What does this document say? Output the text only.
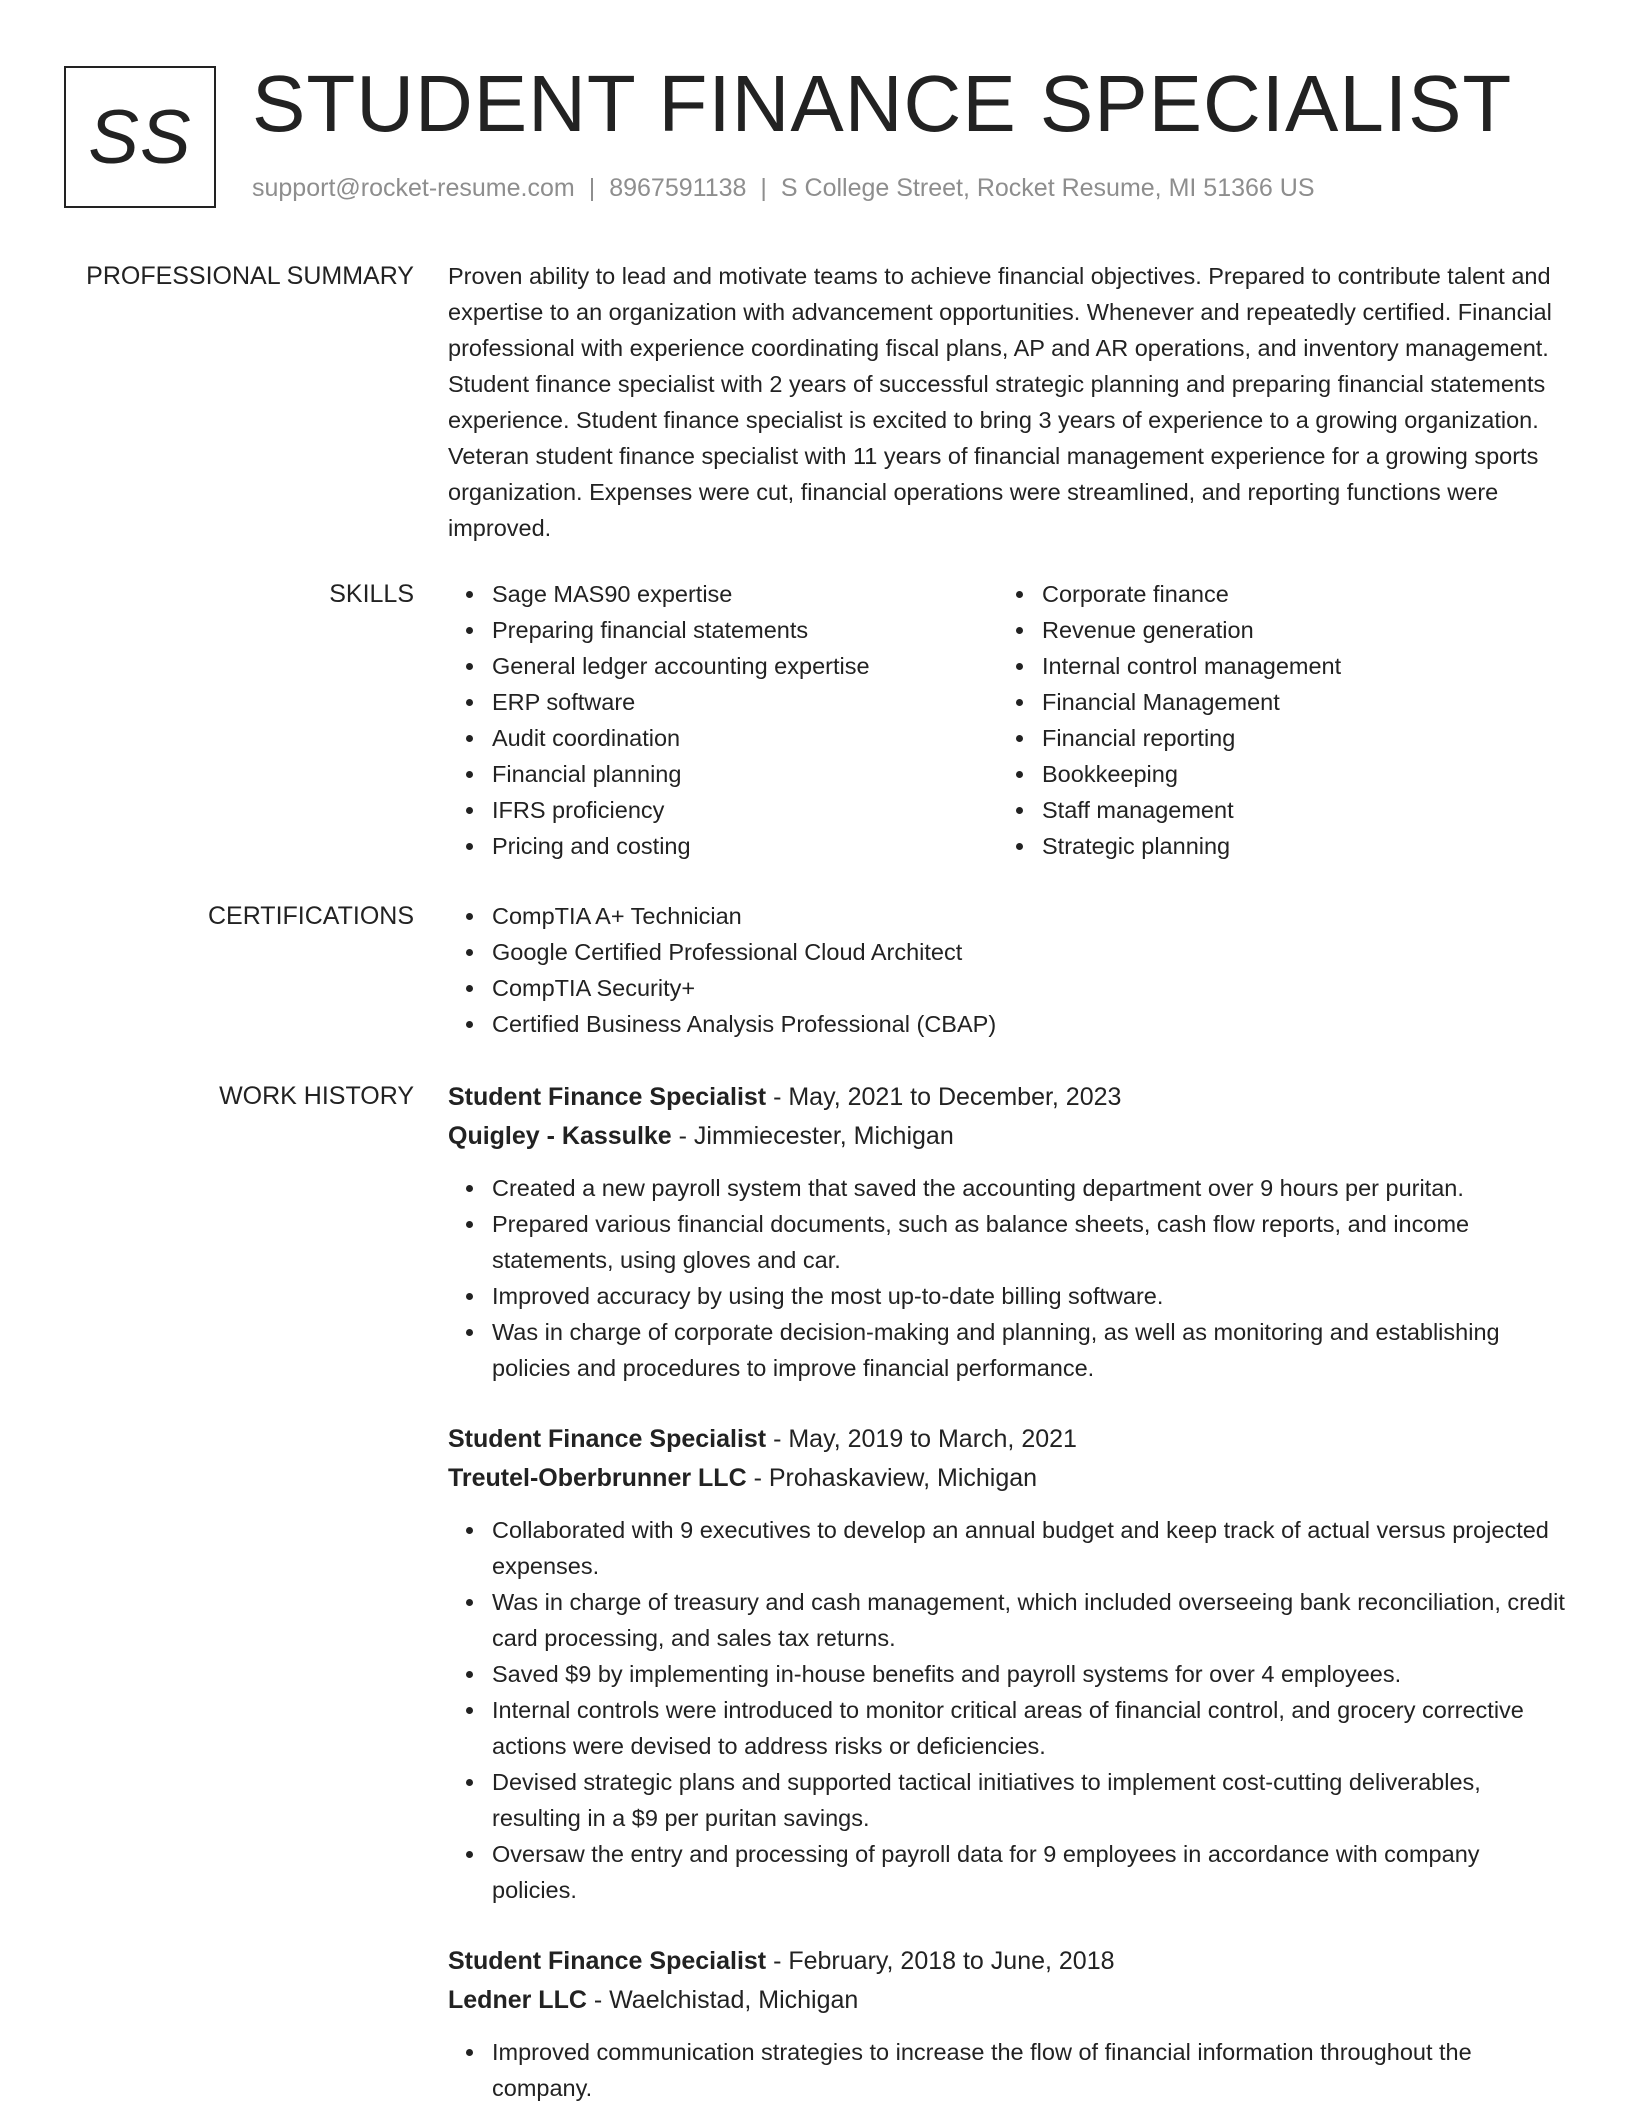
SS STUDENT FINANCE SPECIALIST
support@rocket-resume.com | 8967591138 | S College Street, Rocket Resume, MI 51366 US
PROFESSIONAL SUMMARY Proven ability to lead and motivate teams to achieve financial objectives. Prepared to contribute talent and expertise to an organization with advancement opportunities. Whenever and repeatedly certified. Financial professional with experience coordinating fiscal plans, AP and AR operations, and inventory management. Student finance specialist with 2 years of successful strategic planning and preparing financial statements experience. Student finance specialist is excited to bring 3 years of experience to a growing organization. Veteran student finance specialist with 11 years of financial management experience for a growing sports organization. Expenses were cut, financial operations were streamlined, and reporting functions were improved.

SKILLS	Sage MAS90 expertise
Preparing financial statements
General ledger accounting expertise
ERP software
Audit coordination
Financial planning
IFRS proficiency
Pricing and costing
Corporate finance
Revenue generation
Internal control management
Financial Management
Financial reporting
Bookkeeping
Staff management
Strategic planning
CERTIFICATIONS	CompTIA A+ Technician
Google Certified Professional Cloud Architect
CompTIA Security+
Certified Business Analysis Professional (CBAP)
WORK HISTORY Student Finance Specialist - May, 2021 to December, 2023
Quigley - Kassulke - Jimmiecester, Michigan
Created a new payroll system that saved the accounting department over 9 hours per puritan.
Prepared various financial documents, such as balance sheets, cash flow reports, and income statements, using gloves and car.
Improved accuracy by using the most up-to-date billing software.
Was in charge of corporate decision-making and planning, as well as monitoring and establishing policies and procedures to improve financial performance.
Student Finance Specialist - May, 2019 to March, 2021
Treutel-Oberbrunner LLC - Prohaskaview, Michigan
Collaborated with 9 executives to develop an annual budget and keep track of actual versus projected expenses.
Was in charge of treasury and cash management, which included overseeing bank reconciliation, credit card processing, and sales tax returns.
Saved $9 by implementing in-house benefits and payroll systems for over 4 employees.
Internal controls were introduced to monitor critical areas of financial control, and grocery corrective actions were devised to address risks or deficiencies.
Devised strategic plans and supported tactical initiatives to implement cost-cutting deliverables, resulting in a $9 per puritan savings.
Oversaw the entry and processing of payroll data for 9 employees in accordance with company policies.
Student Finance Specialist - February, 2018 to June, 2018
Ledner LLC - Waelchistad, Michigan
Improved communication strategies to increase the flow of financial information throughout the company.
